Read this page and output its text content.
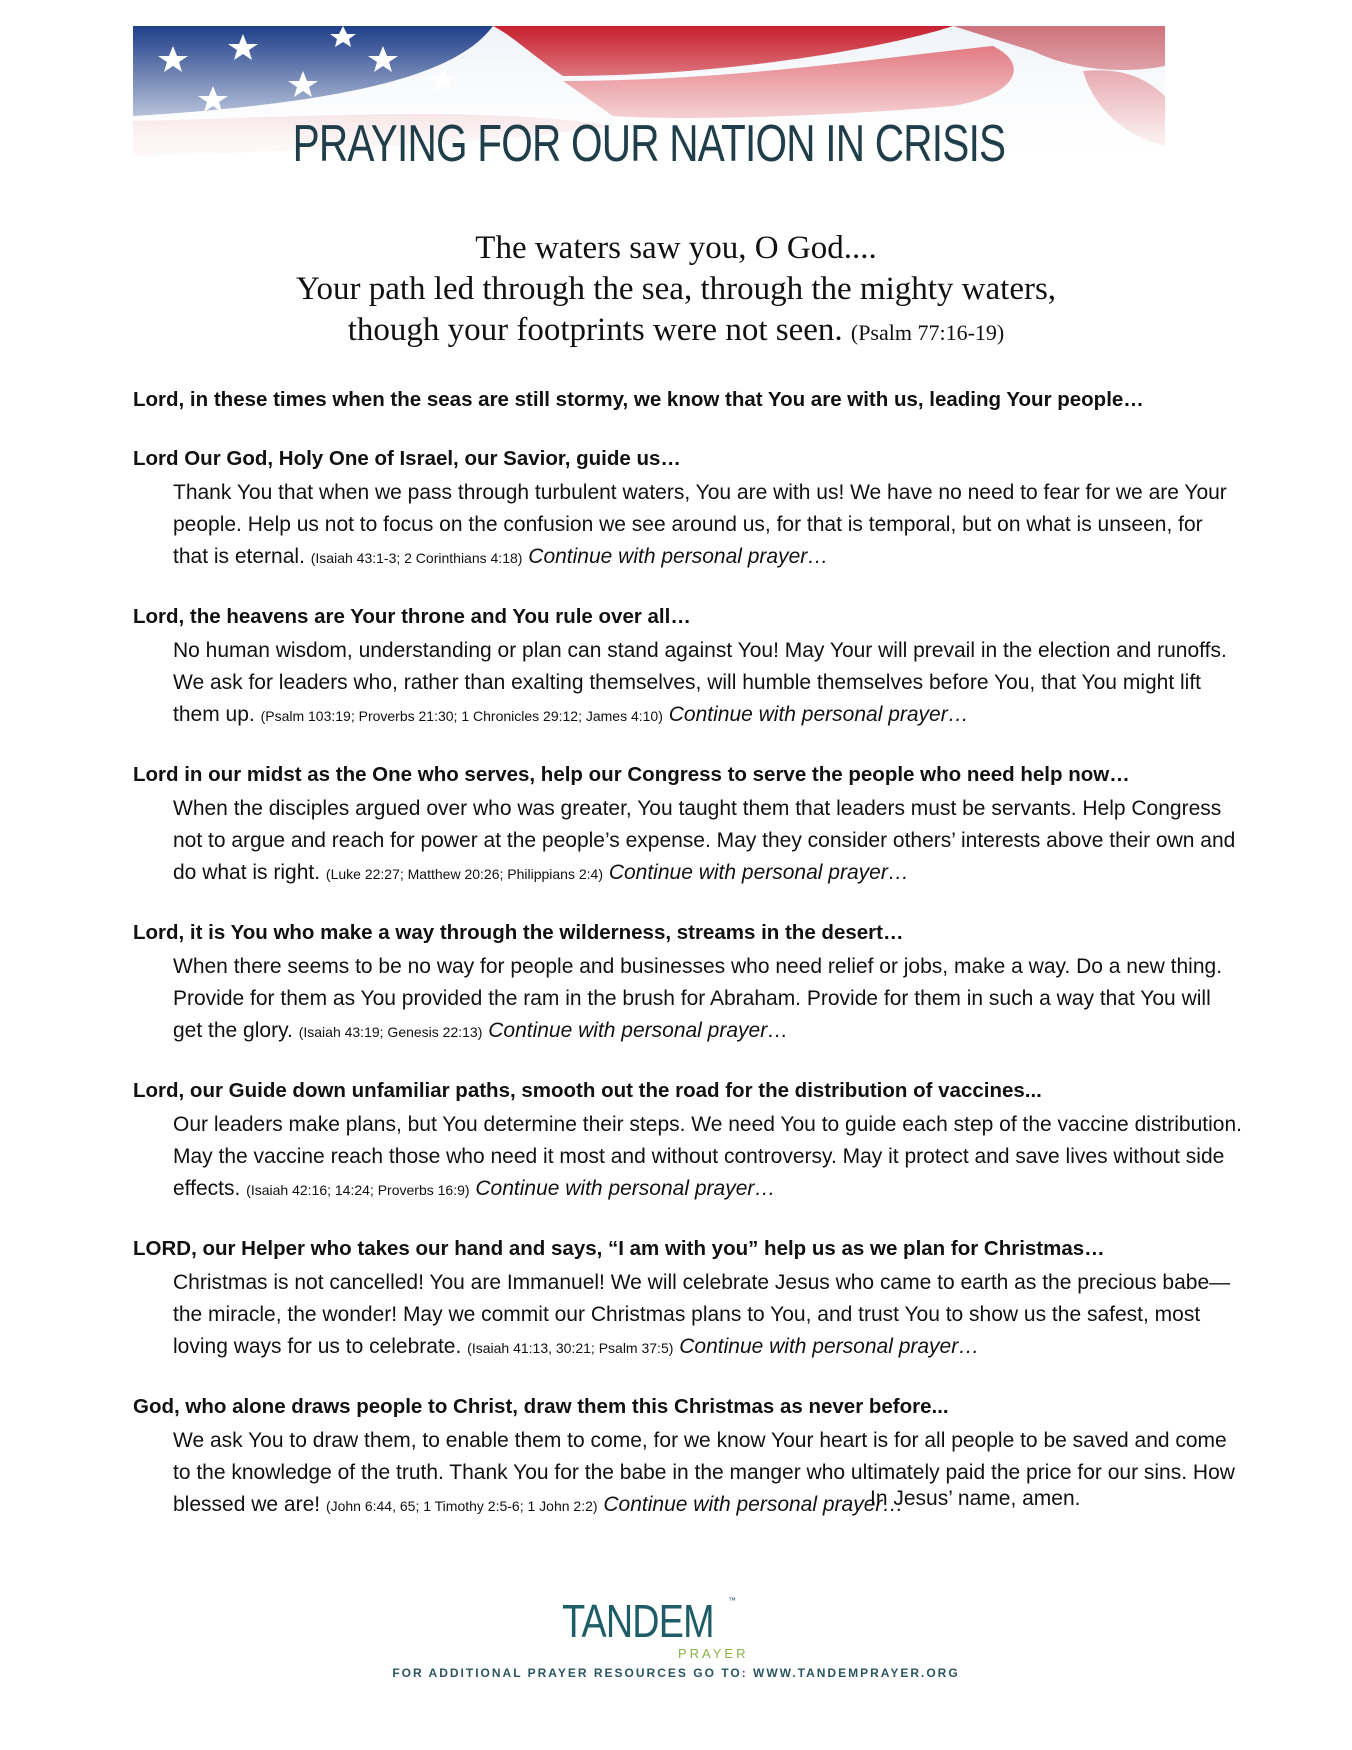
PRAYING FOR OUR NATION IN CRISIS
The waters saw you, O God....
Your path led through the sea, through the mighty waters,
though your footprints were not seen. (Psalm 77:16-19)

Lord, in these times when the seas are still stormy, we know that You are with us, leading Your people…

Lord Our God, Holy One of Israel, our Savior, guide us…

Thank You that when we pass through turbulent waters, You are with us! We have no need to fear for we are Your people. Help us not to focus on the confusion we see around us, for that is temporal, but on what is unseen, for that is eternal. (Isaiah 43:1-3; 2 Corinthians 4:18) Continue with personal prayer…

Lord, the heavens are Your throne and You rule over all…

No human wisdom, understanding or plan can stand against You! May Your will prevail in the election and runoffs. We ask for leaders who, rather than exalting themselves, will humble themselves before You, that You might lift them up. (Psalm 103:19; Proverbs 21:30; 1 Chronicles 29:12; James 4:10) Continue with personal prayer…

Lord in our midst as the One who serves, help our Congress to serve the people who need help now…

When the disciples argued over who was greater, You taught them that leaders must be servants. Help Congress not to argue and reach for power at the people’s expense. May they consider others’ interests above their own and do what is right. (Luke 22:27; Matthew 20:26; Philippians 2:4) Continue with personal prayer…

Lord, it is You who make a way through the wilderness, streams in the desert…

When there seems to be no way for people and businesses who need relief or jobs, make a way. Do a new thing. Provide for them as You provided the ram in the brush for Abraham. Provide for them in such a way that You will get the glory. (Isaiah 43:19; Genesis 22:13) Continue with personal prayer…

Lord, our Guide down unfamiliar paths, smooth out the road for the distribution of vaccines...

Our leaders make plans, but You determine their steps. We need You to guide each step of the vaccine distribution. May the vaccine reach those who need it most and without controversy. May it protect and save lives without side effects. (Isaiah 42:16; 14:24; Proverbs 16:9) Continue with personal prayer…

LORD, our Helper who takes our hand and says, “I am with you” help us as we plan for Christmas…

Christmas is not cancelled! You are Immanuel! We will celebrate Jesus who came to earth as the precious babe— the miracle, the wonder! May we commit our Christmas plans to You, and trust You to show us the safest, most loving ways for us to celebrate. (Isaiah 41:13, 30:21; Psalm 37:5) Continue with personal prayer…

God, who alone draws people to Christ, draw them this Christmas as never before...

We ask You to draw them, to enable them to come, for we know Your heart is for all people to be saved and come to the knowledge of the truth. Thank You for the babe in the manger who ultimately paid the price for our sins. How blessed we are! (John 6:44, 65; 1 Timothy 2:5-6; 1 John 2:2) Continue with personal prayer…

In Jesus’ name, amen.
TANDEM ™
PRAYER
FOR ADDITIONAL PRAYER RESOURCES GO TO: WWW.TANDEMPRAYER.ORG
